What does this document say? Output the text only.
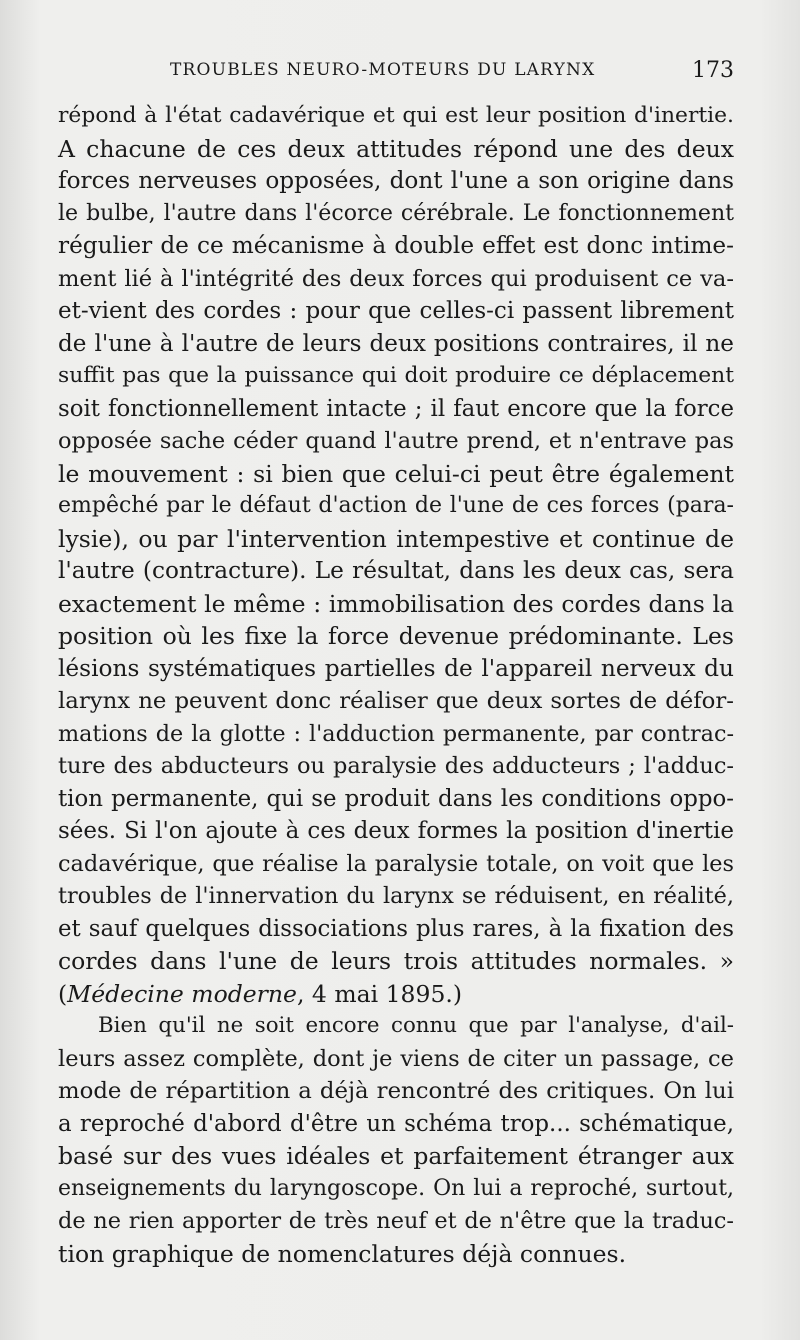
TROUBLES NEURO-MOTEURS DU LARYNX	173
répond à l'état cadavérique et qui est leur position d'inertie.
A chacune de ces deux attitudes répond une des deux
forces nerveuses opposées, dont l'une a son origine dans
le bulbe, l'autre dans l'écorce cérébrale. Le fonctionnement
régulier de ce mécanisme à double effet est donc intime-
ment lié à l'intégrité des deux forces qui produisent ce va-
et-vient des cordes : pour que celles-ci passent librement
de l'une à l'autre de leurs deux positions contraires, il ne
suffit pas que la puissance qui doit produire ce déplacement
soit fonctionnellement intacte ; il faut encore que la force
opposée sache céder quand l'autre prend, et n'entrave pas
le mouvement : si bien que celui-ci peut être également
empêché par le défaut d'action de l'une de ces forces (para-
lysie), ou par l'intervention intempestive et continue de
l'autre (contracture). Le résultat, dans les deux cas, sera
exactement le même : immobilisation des cordes dans la
position où les fixe la force devenue prédominante. Les
lésions systématiques partielles de l'appareil nerveux du
larynx ne peuvent donc réaliser que deux sortes de défor-
mations de la glotte : l'adduction permanente, par contrac-
ture des abducteurs ou paralysie des adducteurs ; l'adduc-
tion permanente, qui se produit dans les conditions oppo-
sées. Si l'on ajoute à ces deux formes la position d'inertie
cadavérique, que réalise la paralysie totale, on voit que les
troubles de l'innervation du larynx se réduisent, en réalité,
et sauf quelques dissociations plus rares, à la fixation des
cordes dans l'une de leurs trois attitudes normales. »
(Médecine moderne, 4 mai 1895.)
Bien qu'il ne soit encore connu que par l'analyse, d'ail-
leurs assez complète, dont je viens de citer un passage, ce
mode de répartition a déjà rencontré des critiques. On lui
a reproché d'abord d'être un schéma trop... schématique,
basé sur des vues idéales et parfaitement étranger aux
enseignements du laryngoscope. On lui a reproché, surtout,
de ne rien apporter de très neuf et de n'être que la traduc-
tion graphique de nomenclatures déjà connues.
